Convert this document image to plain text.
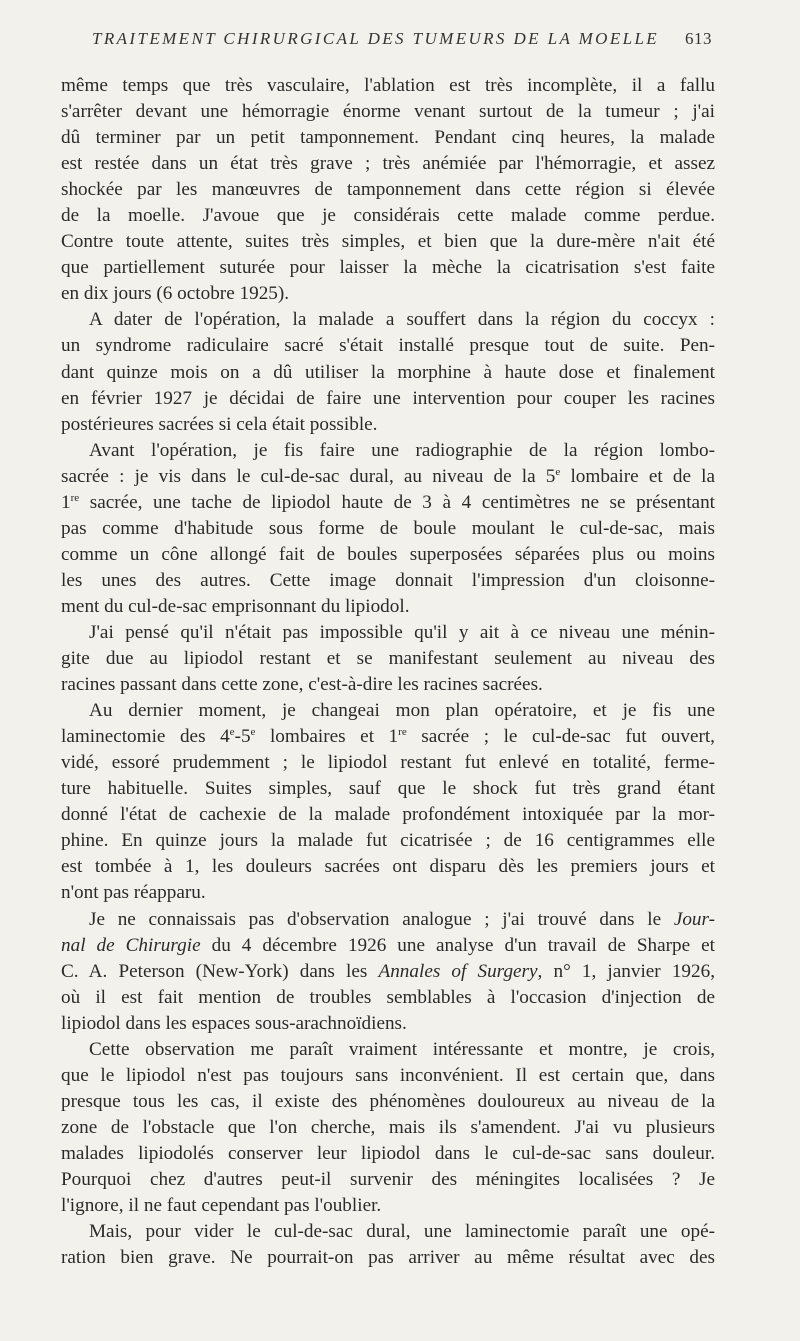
TRAITEMENT CHIRURGICAL DES TUMEURS DE LA MOELLE 613
même temps que très vasculaire, l'ablation est très incomplète, il a fallu
s'arrêter devant une hémorragie énorme venant surtout de la tumeur ; j'ai
dû terminer par un petit tamponnement. Pendant cinq heures, la malade
est restée dans un état très grave ; très anémiée par l'hémorragie, et assez
shockée par les manœuvres de tamponnement dans cette région si élevée
de la moelle. J'avoue que je considérais cette malade comme perdue.
Contre toute attente, suites très simples, et bien que la dure-mère n'ait été
que partiellement suturée pour laisser la mèche la cicatrisation s'est faite
en dix jours (6 octobre 1925).
A dater de l'opération, la malade a souffert dans la région du coccyx :
un syndrome radiculaire sacré s'était installé presque tout de suite. Pen-
dant quinze mois on a dû utiliser la morphine à haute dose et finalement
en février 1927 je décidai de faire une intervention pour couper les racines
postérieures sacrées si cela était possible.
Avant l'opération, je fis faire une radiographie de la région lombo-
sacrée : je vis dans le cul-de-sac dural, au niveau de la 5e lombaire et de la
1re sacrée, une tache de lipiodol haute de 3 à 4 centimètres ne se présentant
pas comme d'habitude sous forme de boule moulant le cul-de-sac, mais
comme un cône allongé fait de boules superposées séparées plus ou moins
les unes des autres. Cette image donnait l'impression d'un cloisonne-
ment du cul-de-sac emprisonnant du lipiodol.
J'ai pensé qu'il n'était pas impossible qu'il y ait à ce niveau une ménin-
gite due au lipiodol restant et se manifestant seulement au niveau des
racines passant dans cette zone, c'est-à-dire les racines sacrées.
Au dernier moment, je changeai mon plan opératoire, et je fis une
laminectomie des 4e-5e lombaires et 1re sacrée ; le cul-de-sac fut ouvert,
vidé, essoré prudemment ; le lipiodol restant fut enlevé en totalité, ferme-
ture habituelle. Suites simples, sauf que le shock fut très grand étant
donné l'état de cachexie de la malade profondément intoxiquée par la mor-
phine. En quinze jours la malade fut cicatrisée ; de 16 centigrammes elle
est tombée à 1, les douleurs sacrées ont disparu dès les premiers jours et
n'ont pas réapparu.
Je ne connaissais pas d'observation analogue ; j'ai trouvé dans le Jour-
nal de Chirurgie du 4 décembre 1926 une analyse d'un travail de Sharpe et
C. A. Peterson (New-York) dans les Annales of Surgery, n° 1, janvier 1926,
où il est fait mention de troubles semblables à l'occasion d'injection de
lipiodol dans les espaces sous-arachnoïdiens.
Cette observation me paraît vraiment intéressante et montre, je crois,
que le lipiodol n'est pas toujours sans inconvénient. Il est certain que, dans
presque tous les cas, il existe des phénomènes douloureux au niveau de la
zone de l'obstacle que l'on cherche, mais ils s'amendent. J'ai vu plusieurs
malades lipiodolés conserver leur lipiodol dans le cul-de-sac sans douleur.
Pourquoi chez d'autres peut-il survenir des méningites localisées ? Je
l'ignore, il ne faut cependant pas l'oublier.
Mais, pour vider le cul-de-sac dural, une laminectomie paraît une opé-
ration bien grave. Ne pourrait-on pas arriver au même résultat avec des
